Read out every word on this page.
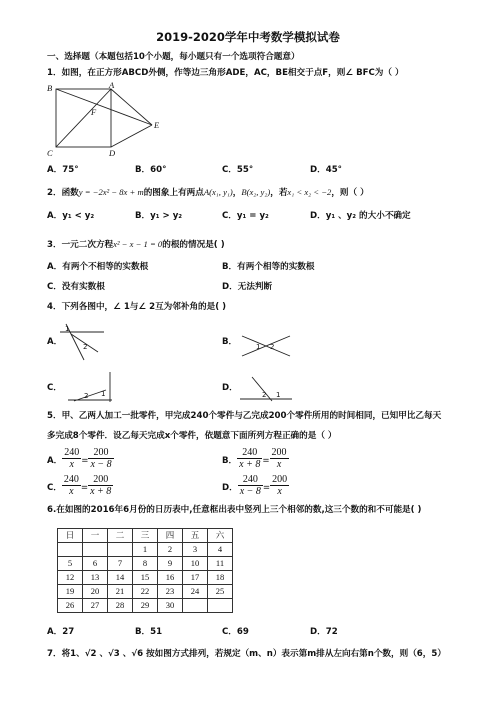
2019-2020学年中考数学模拟试卷
一、选择题（本题包括10个小题，每小题只有一个选项符合题意）
1．如图，在正方形ABCD外侧，作等边三角形ADE，AC，BE相交于点F，则∠ BFC为（ ）
B	A
C	D
E
F
A．75°	B．60°	C．55°	D．45°
2．函数y = −2x² − 8x + m的图象上有两点A(x₁, y₁)，B(x₂, y₂)，若x₁ < x₂ < −2，则（ ）
A．y₁ < y₂	B．y₁ > y₂	C．y₁ = y₂	D．y₁ 、y₂ 的大小不确定
3．一元二次方程x² − x − 1 = 0的根的情况是( )
A．有两个不相等的实数根	B．有两个相等的实数根
C．没有实数根	D．无法判断
4．下列各图中，∠ 1与∠ 2互为邻补角的是( )
A．
1
2	B．	1 2
C．
1
2
D．
2 1
5．甲、乙两人加工一批零件，甲完成240个零件与乙完成200个零件所用的时间相同，已知甲比乙每天
多完成8个零件．设乙每天完成x个零件，依题意下面所列方程正确的是（ ）
A． $\frac{240}{x} = \frac{200}{x - 8}$	B． $\frac{240}{x + 8} = \frac{200}{x}$
C． $\frac{240}{x} = \frac{200}{x + 8}$	D． $\frac{240}{x - 8} = \frac{200}{x}$
6.在如图的2016年6月份的日历表中,任意框出表中竖列上三个相邻的数,这三个数的和不可能是( )
日	一	二	三	四	五	六
			1	2	3	4
5	6	7	8	9	10	11
12	13	14	15	16	17	18
19	20	21	22	23	24	25
26	27	28	29	30		
A．27	B．51	C．69	D．72
7．将1、√2 、√3 、√6 按如图方式排列，若规定（m、n）表示第m排从左向右第n个数，则（6，5）
